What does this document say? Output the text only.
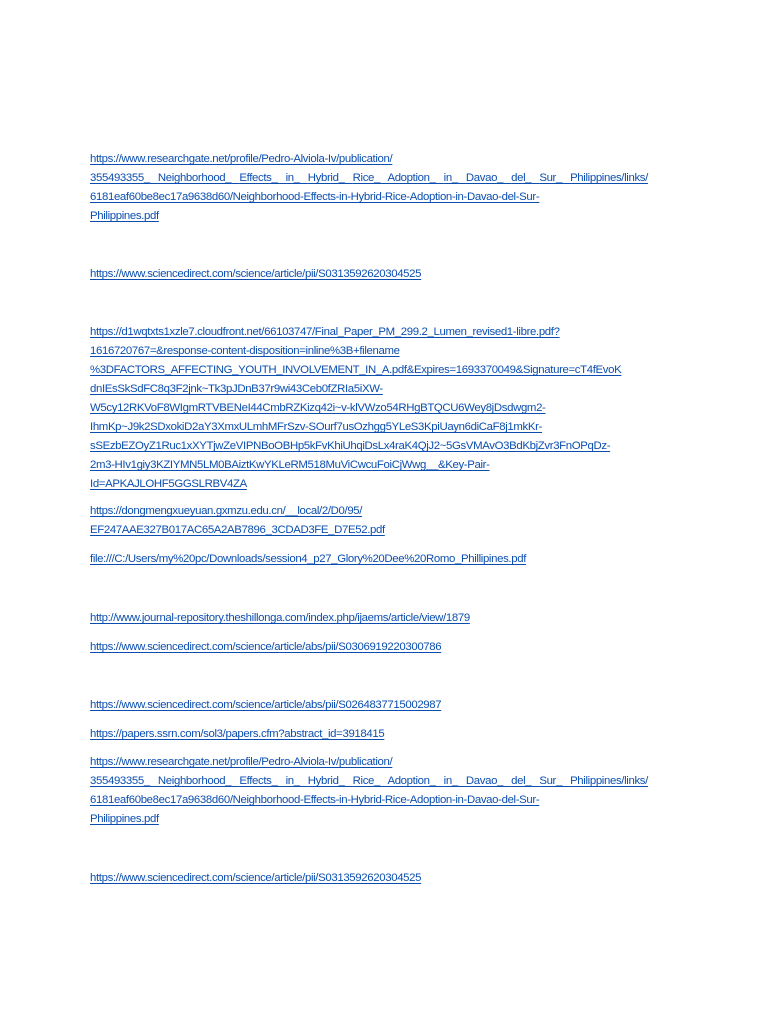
https://www.researchgate.net/profile/Pedro-Alviola-Iv/publication/
355493355_ Neighborhood_ Effects_ in_ Hybrid_ Rice_ Adoption_ in_ Davao_ del_ Sur_ Philippines/links/
6181eaf60be8ec17a9638d60/Neighborhood-Effects-in-Hybrid-Rice-Adoption-in-Davao-del-Sur-
Philippines.pdf
https://www.sciencedirect.com/science/article/pii/S0313592620304525
https://d1wqtxts1xzle7.cloudfront.net/66103747/Final_Paper_PM_299.2_Lumen_revised1-libre.pdf?
1616720767=&response-content-disposition=inline%3B+filename
%3DFACTORS_AFFECTING_YOUTH_INVOLVEMENT_IN_A.pdf&Expires=1693370049&Signature=cT4fEvoK
dnIEsSkSdFC8q3F2jnk~Tk3pJDnB37r9wi43Ceb0fZRIa5iXW-
W5cy12RKVoF8WIgmRTVBENeI44CmbRZKizq42i~v-klVWzo54RHgBTQCU6Wey8jDsdwgm2-
IhmKp~J9k2SDxokiD2aY3XmxULmhMFrSzv-SOurf7usOzhgg5YLeS3KpiUayn6diCaF8j1mkKr-
sSEzbEZOyZ1Ruc1xXYTjwZeVIPNBoOBHp5kFvKhiUhqiDsLx4raK4QjJ2~5GsVMAvO3BdKbjZvr3FnOPqDz-
2m3-HIv1giy3KZIYMN5LM0BAiztKwYKLeRM518MuViCwcuFoiCjWwg__&Key-Pair-
Id=APKAJLOHF5GGSLRBV4ZA
https://dongmengxueyuan.gxmzu.edu.cn/__local/2/D0/95/
EF247AAE327B017AC65A2AB7896_3CDAD3FE_D7E52.pdf
file:///C:/Users/my%20pc/Downloads/session4_p27_Glory%20Dee%20Romo_Phillipines.pdf
http://www.journal-repository.theshillonga.com/index.php/ijaems/article/view/1879
https://www.sciencedirect.com/science/article/abs/pii/S0306919220300786
https://www.sciencedirect.com/science/article/abs/pii/S0264837715002987
https://papers.ssrn.com/sol3/papers.cfm?abstract_id=3918415
https://www.researchgate.net/profile/Pedro-Alviola-Iv/publication/
355493355_ Neighborhood_ Effects_ in_ Hybrid_ Rice_ Adoption_ in_ Davao_ del_ Sur_ Philippines/links/
6181eaf60be8ec17a9638d60/Neighborhood-Effects-in-Hybrid-Rice-Adoption-in-Davao-del-Sur-
Philippines.pdf
https://www.sciencedirect.com/science/article/pii/S0313592620304525
